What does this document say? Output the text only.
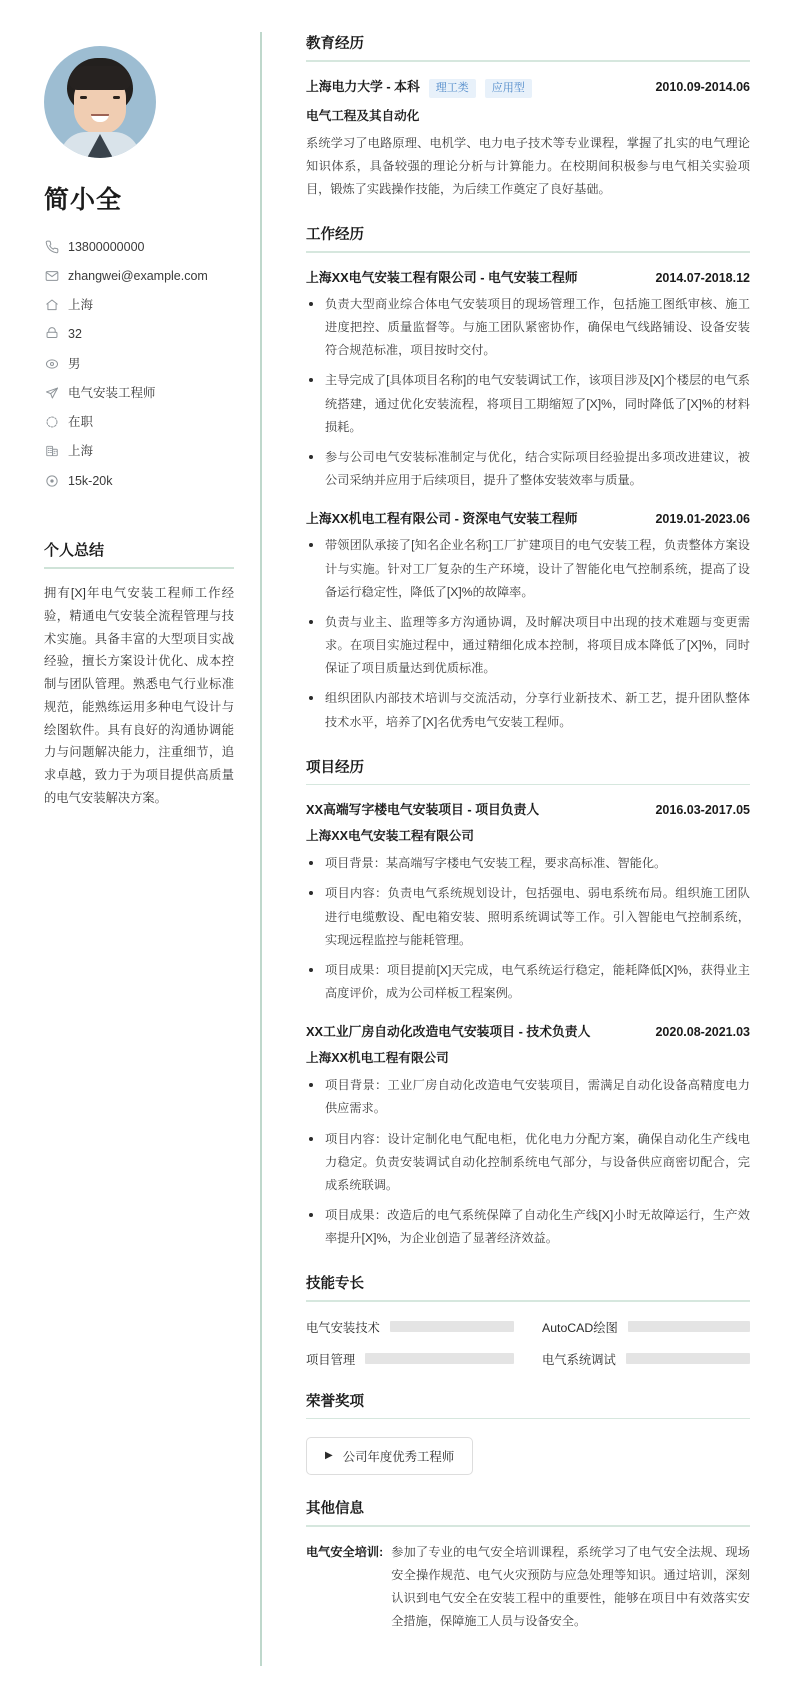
简小全
13800000000
zhangwei@example.com
上海
32
男
电气安装工程师
在职
上海
15k-20k
个人总结

拥有[X]年电气安装工程师工作经验，精通电气安装全流程管理与技术实施。具备丰富的大型项目实战经验，擅长方案设计优化、成本控制与团队管理。熟悉电气行业标准规范，能熟练运用多种电气设计与绘图软件。具有良好的沟通协调能力与问题解决能力，注重细节，追求卓越，致力于为项目提供高质量的电气安装解决方案。

教育经历
上海电力大学 - 本科	理工类	应用型	2010.09-2014.06
电气工程及其自动化

系统学习了电路原理、电机学、电力电子技术等专业课程，掌握了扎实的电气理论知识体系，具备较强的理论分析与计算能力。在校期间积极参与电气相关实验项目，锻炼了实践操作技能，为后续工作奠定了良好基础。

工作经历
上海XX电气安装工程有限公司 - 电气安装工程师	2014.07-2018.12
负责大型商业综合体电气安装项目的现场管理工作，包括施工图纸审核、施工进度把控、质量监督等。与施工团队紧密协作，确保电气线路铺设、设备安装符合规范标准，项目按时交付。
主导完成了[具体项目名称]的电气安装调试工作，该项目涉及[X]个楼层的电气系统搭建，通过优化安装流程，将项目工期缩短了[X]%，同时降低了[X]%的材料损耗。
参与公司电气安装标准制定与优化，结合实际项目经验提出多项改进建议，被公司采纳并应用于后续项目，提升了整体安装效率与质量。
上海XX机电工程有限公司 - 资深电气安装工程师	2019.01-2023.06
带领团队承接了[知名企业名称]工厂扩建项目的电气安装工程，负责整体方案设计与实施。针对工厂复杂的生产环境，设计了智能化电气控制系统，提高了设备运行稳定性，降低了[X]%的故障率。
负责与业主、监理等多方沟通协调，及时解决项目中出现的技术难题与变更需求。在项目实施过程中，通过精细化成本控制，将项目成本降低了[X]%，同时保证了项目质量达到优质标准。
组织团队内部技术培训与交流活动，分享行业新技术、新工艺，提升团队整体技术水平，培养了[X]名优秀电气安装工程师。
项目经历
XX高端写字楼电气安装项目 - 项目负责人	2016.03-2017.05
上海XX电气安装工程有限公司
项目背景：某高端写字楼电气安装工程，要求高标准、智能化。
项目内容：负责电气系统规划设计，包括强电、弱电系统布局。组织施工团队进行电缆敷设、配电箱安装、照明系统调试等工作。引入智能电气控制系统，实现远程监控与能耗管理。
项目成果：项目提前[X]天完成，电气系统运行稳定，能耗降低[X]%，获得业主高度评价，成为公司样板工程案例。
XX工业厂房自动化改造电气安装项目 - 技术负责人	2020.08-2021.03
上海XX机电工程有限公司
项目背景：工业厂房自动化改造电气安装项目，需满足自动化设备高精度电力供应需求。
项目内容：设计定制化电气配电柜，优化电力分配方案，确保自动化生产线电力稳定。负责安装调试自动化控制系统电气部分，与设备供应商密切配合，完成系统联调。
项目成果：改造后的电气系统保障了自动化生产线[X]小时无故障运行，生产效率提升[X]%，为企业创造了显著经济效益。
技能专长
电气安装技术	AutoCAD绘图
项目管理	电气系统调试
荣誉奖项
▶ 公司年度优秀工程师
其他信息
电气安全培训: 参加了专业的电气安全培训课程，系统学习了电气安全法规、现场安全操作规范、电气火灾预防与应急处理等知识。通过培训，深刻认识到电气安全在安装工程中的重要性，能够在项目中有效落实安全措施，保障施工人员与设备安全。
